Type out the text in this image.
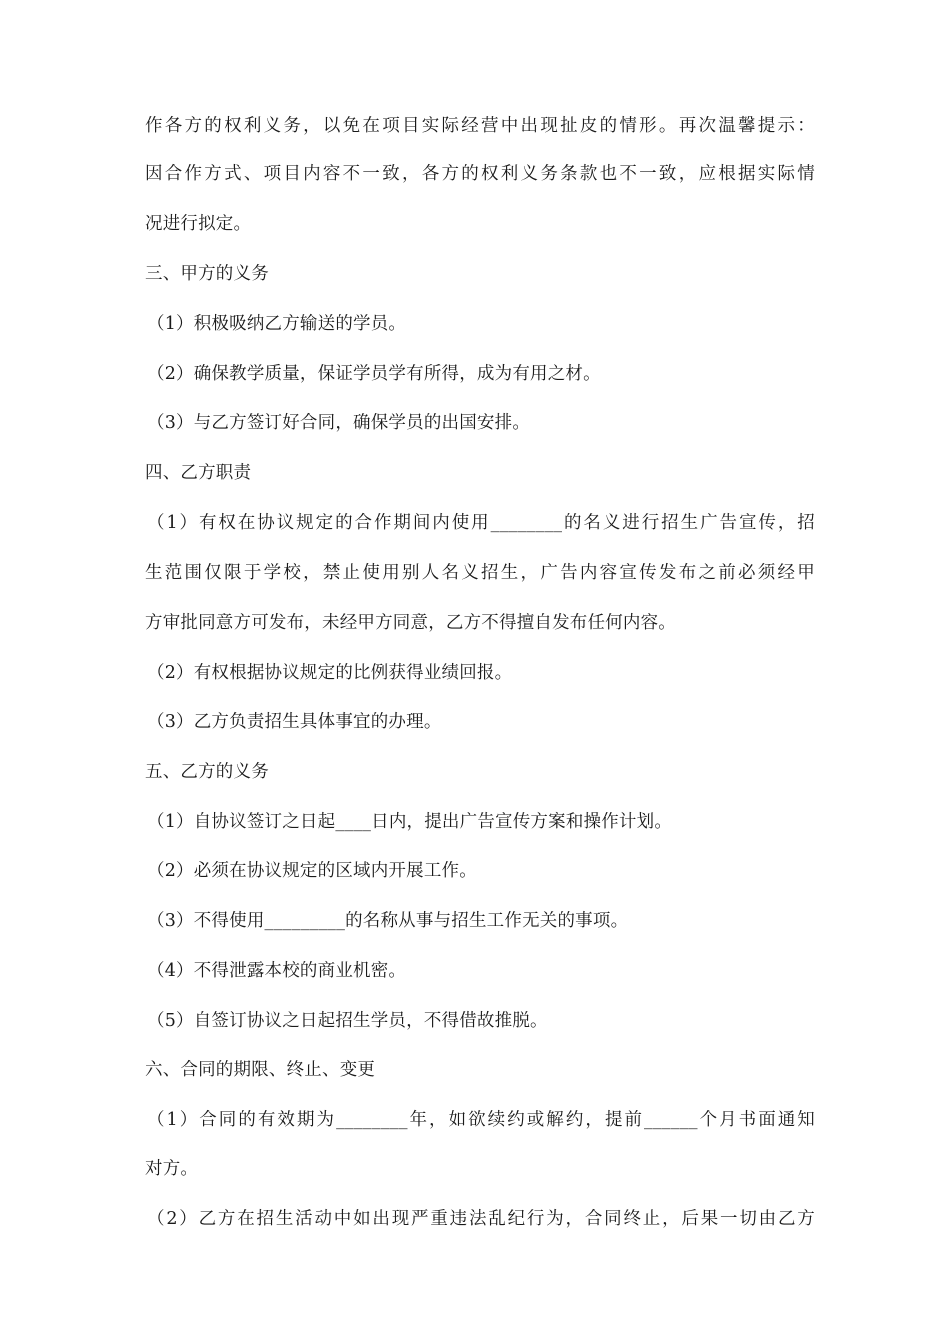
作各方的权利义务，以免在项目实际经营中出现扯皮的情形。再次温馨提示：
因合作方式、项目内容不一致，各方的权利义务条款也不一致，应根据实际情
况进行拟定。
三、甲方的义务
（1）积极吸纳乙方输送的学员。
（2）确保教学质量，保证学员学有所得，成为有用之材。
（3）与乙方签订好合同，确保学员的出国安排。
四、乙方职责
（1）有权在协议规定的合作期间内使用________的名义进行招生广告宣传，招
生范围仅限于学校，禁止使用别人名义招生，广告内容宣传发布之前必须经甲
方审批同意方可发布，未经甲方同意，乙方不得擅自发布任何内容。
（2）有权根据协议规定的比例获得业绩回报。
（3）乙方负责招生具体事宜的办理。
五、乙方的义务
（1）自协议签订之日起____日内，提出广告宣传方案和操作计划。
（2）必须在协议规定的区域内开展工作。
（3）不得使用_________的名称从事与招生工作无关的事项。
（4）不得泄露本校的商业机密。
（5）自签订协议之日起招生学员，不得借故推脱。
六、合同的期限、终止、变更
（1）合同的有效期为________年，如欲续约或解约，提前______个月书面通知
对方。
（2）乙方在招生活动中如出现严重违法乱纪行为，合同终止，后果一切由乙方
